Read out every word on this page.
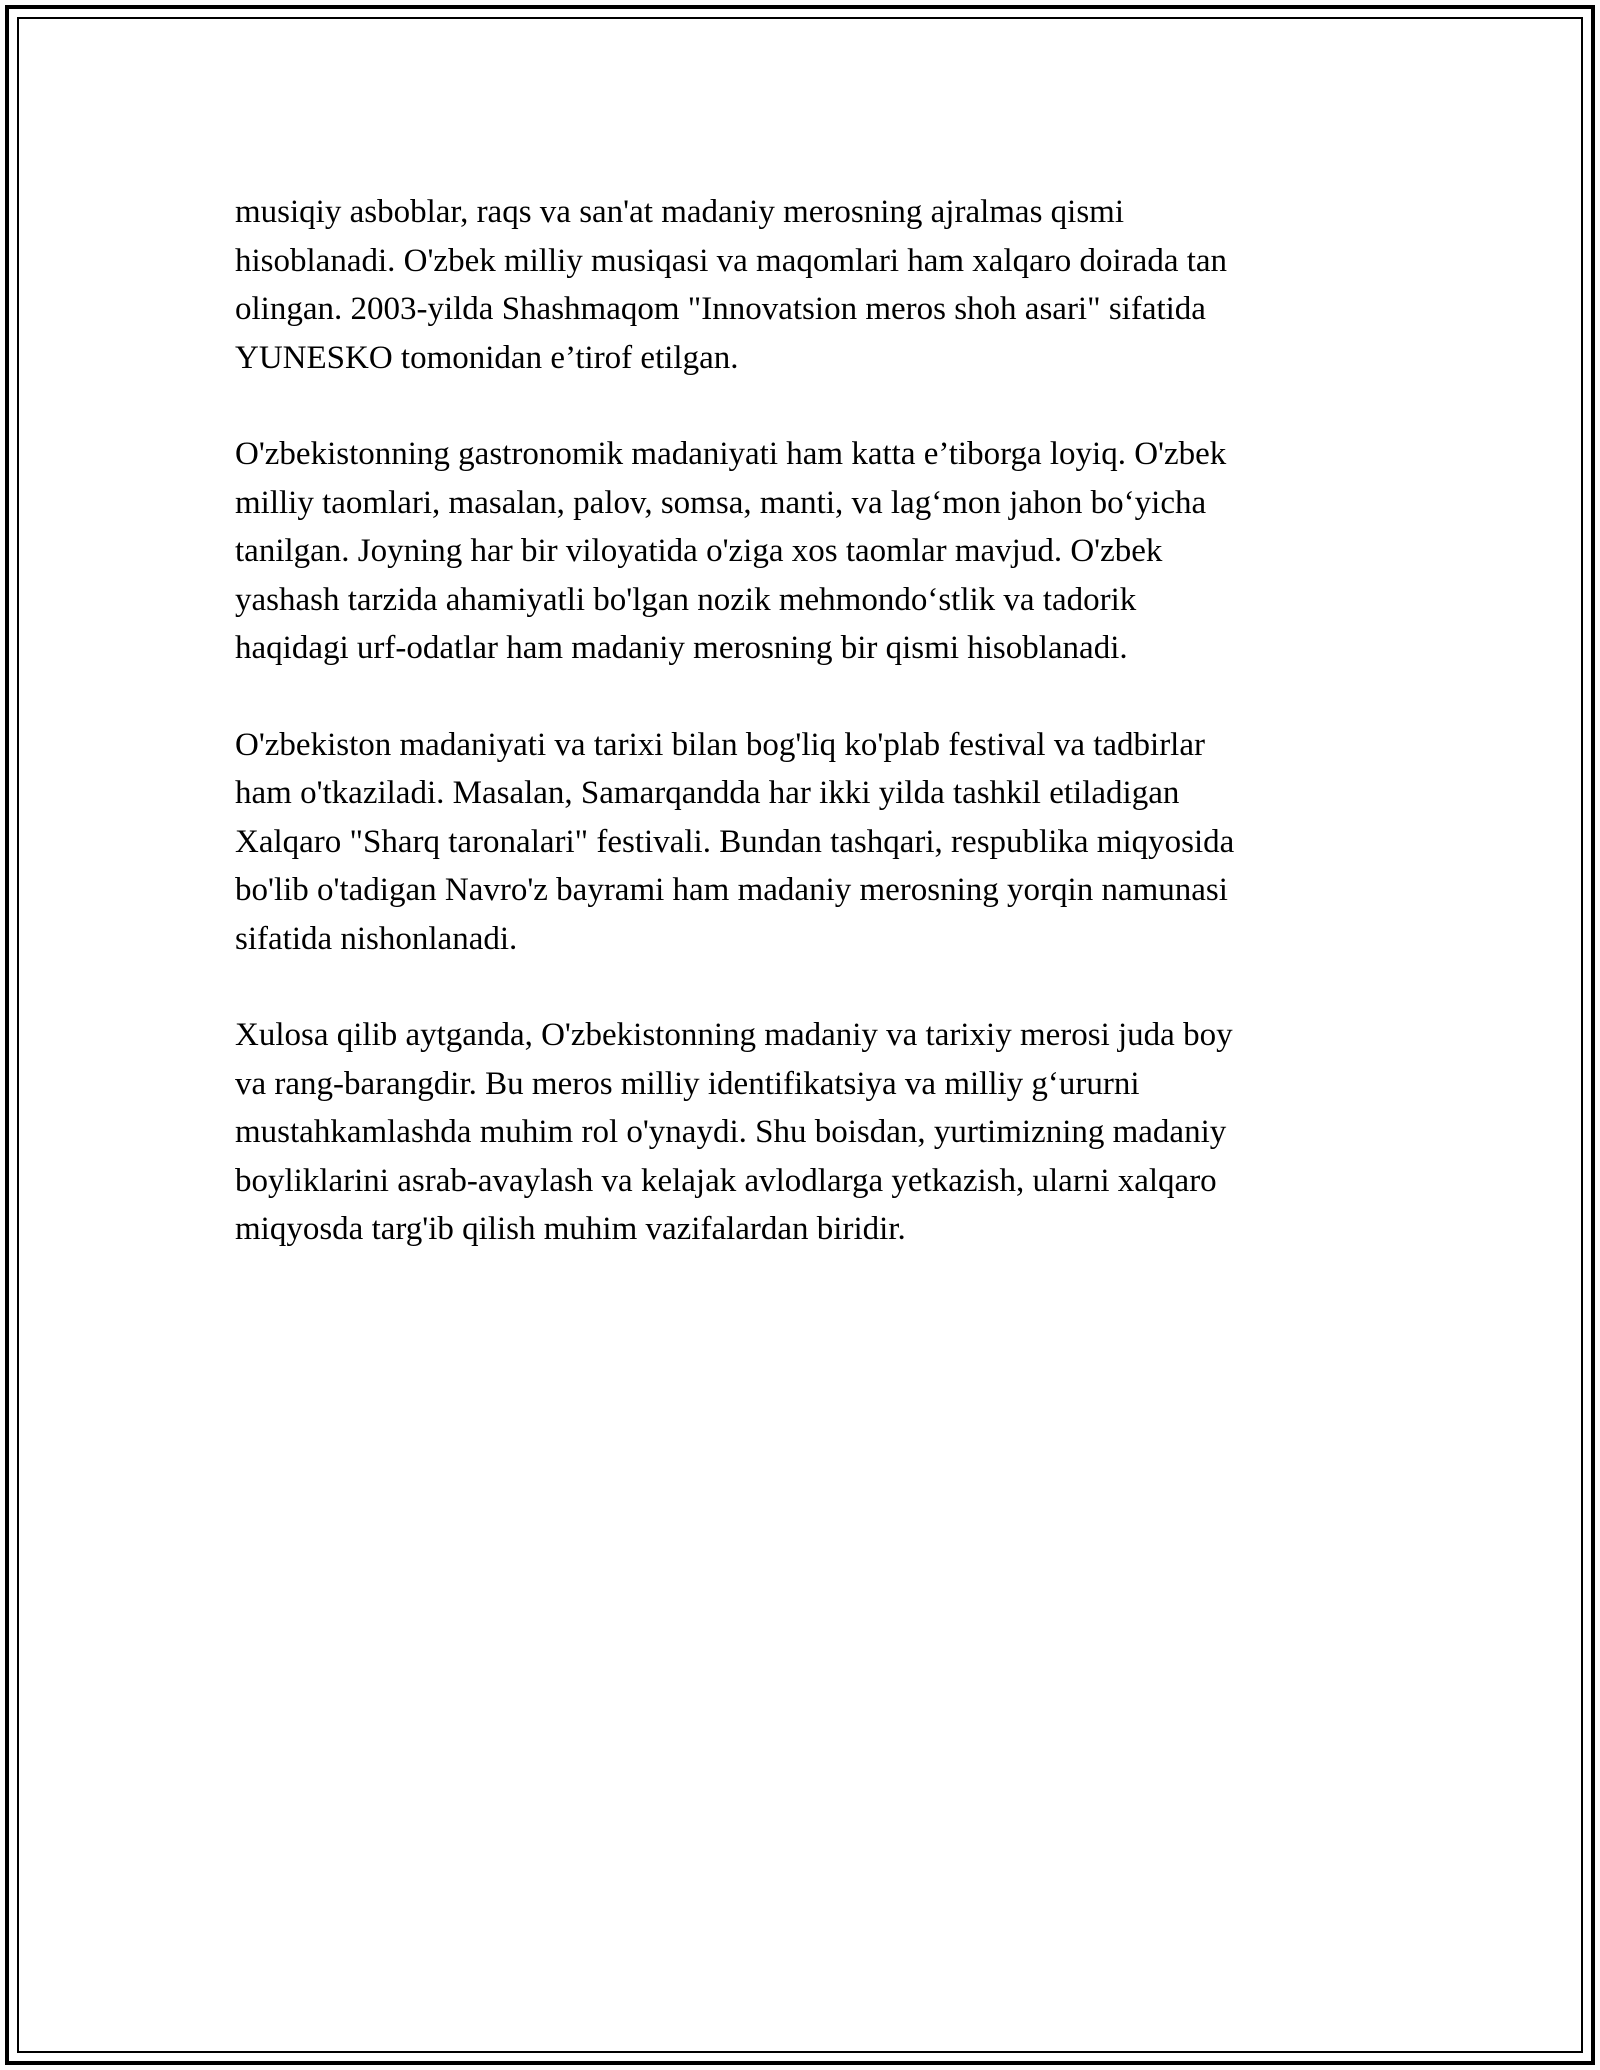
musiqiy asboblar, raqs va san'at madaniy merosning ajralmas qismi
hisoblanadi. O'zbek milliy musiqasi va maqomlari ham xalqaro doirada tan
olingan. 2003-yilda Shashmaqom "Innovatsion meros shoh asari" sifatida
YUNESKO tomonidan e’tirof etilgan.

O'zbekistonning gastronomik madaniyati ham katta e’tiborga loyiq. O'zbek
milliy taomlari, masalan, palov, somsa, manti, va lag‘mon jahon bo‘yicha
tanilgan. Joyning har bir viloyatida o'ziga xos taomlar mavjud. O'zbek
yashash tarzida ahamiyatli bo'lgan nozik mehmondo‘stlik va tadorik
haqidagi urf-odatlar ham madaniy merosning bir qismi hisoblanadi.

O'zbekiston madaniyati va tarixi bilan bog'liq ko'plab festival va tadbirlar
ham o'tkaziladi. Masalan, Samarqandda har ikki yilda tashkil etiladigan
Xalqaro "Sharq taronalari" festivali. Bundan tashqari, respublika miqyosida
bo'lib o'tadigan Navro'z bayrami ham madaniy merosning yorqin namunasi
sifatida nishonlanadi.

Xulosa qilib aytganda, O'zbekistonning madaniy va tarixiy merosi juda boy
va rang-barangdir. Bu meros milliy identifikatsiya va milliy g‘ururni
mustahkamlashda muhim rol o'ynaydi. Shu boisdan, yurtimizning madaniy
boyliklarini asrab-avaylash va kelajak avlodlarga yetkazish, ularni xalqaro
miqyosda targ'ib qilish muhim vazifalardan biridir.
